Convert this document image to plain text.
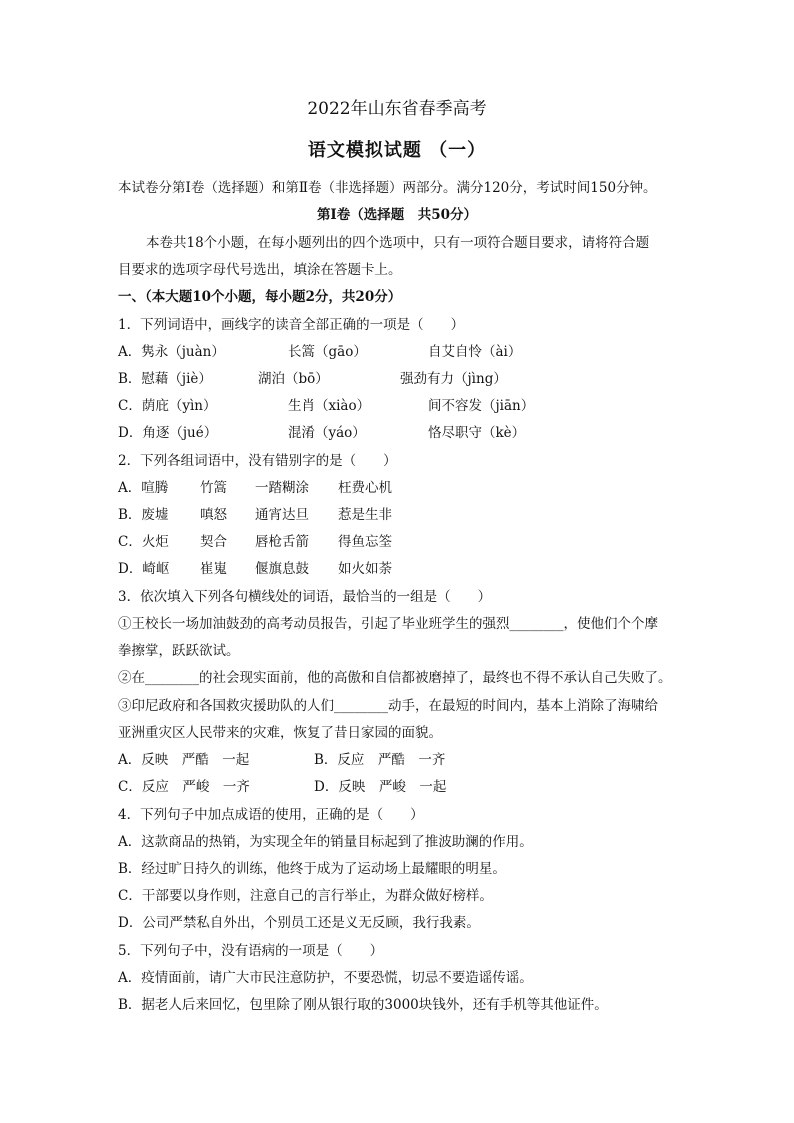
2022年山东省春季高考
语文模拟试题 （一）
本试卷分第Ⅰ卷（选择题）和第Ⅱ卷（非选择题）两部分。满分120分，考试时间150分钟。
第Ⅰ卷（选择题　共50分）
本卷共18个小题，在每小题列出的四个选项中，只有一项符合题目要求，请将符合题
目要求的选项字母代号选出，填涂在答题卡上。
一、（本大题10个小题，每小题2分，共20分）
1．下列词语中，画线字的读音全部正确的一项是（　　）
A．隽永（juàn）	长篙（gāo）	自艾自怜（ài）
B．慰藉（jiè）	湖泊（bō）	强劲有力（jìng）
C．荫庇（yìn）	生肖（xiào）	间不容发（jiān）
D．角逐（jué）	混淆（yáo）	恪尽职守（kè）
2．下列各组词语中，没有错别字的是（　　）
A．喧腾 竹篙 一踏糊涂 枉费心机
B．废墟 嗔怒 通宵达旦 惹是生非
C．火炬 契合 唇枪舌箭 得鱼忘筌
D．崎岖 崔嵬 偃旗息鼓 如火如荼
3．依次填入下列各句横线处的词语，最恰当的一组是（　　）
①王校长一场加油鼓劲的高考动员报告，引起了毕业班学生的强烈________，使他们个个摩
拳擦掌，跃跃欲试。
②在________的社会现实面前，他的高傲和自信都被磨掉了，最终也不得不承认自己失败了。
③印尼政府和各国救灾援助队的人们________动手，在最短的时间内，基本上消除了海啸给
亚洲重灾区人民带来的灾难，恢复了昔日家园的面貌。
A．反映　严酷　一起	B．反应　严酷　一齐
C．反应　严峻　一齐	D．反映　严峻　一起
4．下列句子中加点成语的使用，正确的是（　　）
A．这款商品的热销，为实现全年的销量目标起到了推波助澜的作用。
B．经过旷日持久的训练，他终于成为了运动场上最耀眼的明星。
C．干部要以身作则，注意自己的言行举止，为群众做好榜样。
D．公司严禁私自外出，个别员工还是义无反顾，我行我素。
5．下列句子中，没有语病的一项是（　　）
A．疫情面前，请广大市民注意防护，不要恐慌，切忌不要造谣传谣。
B．据老人后来回忆，包里除了刚从银行取的3000块钱外，还有手机等其他证件。
